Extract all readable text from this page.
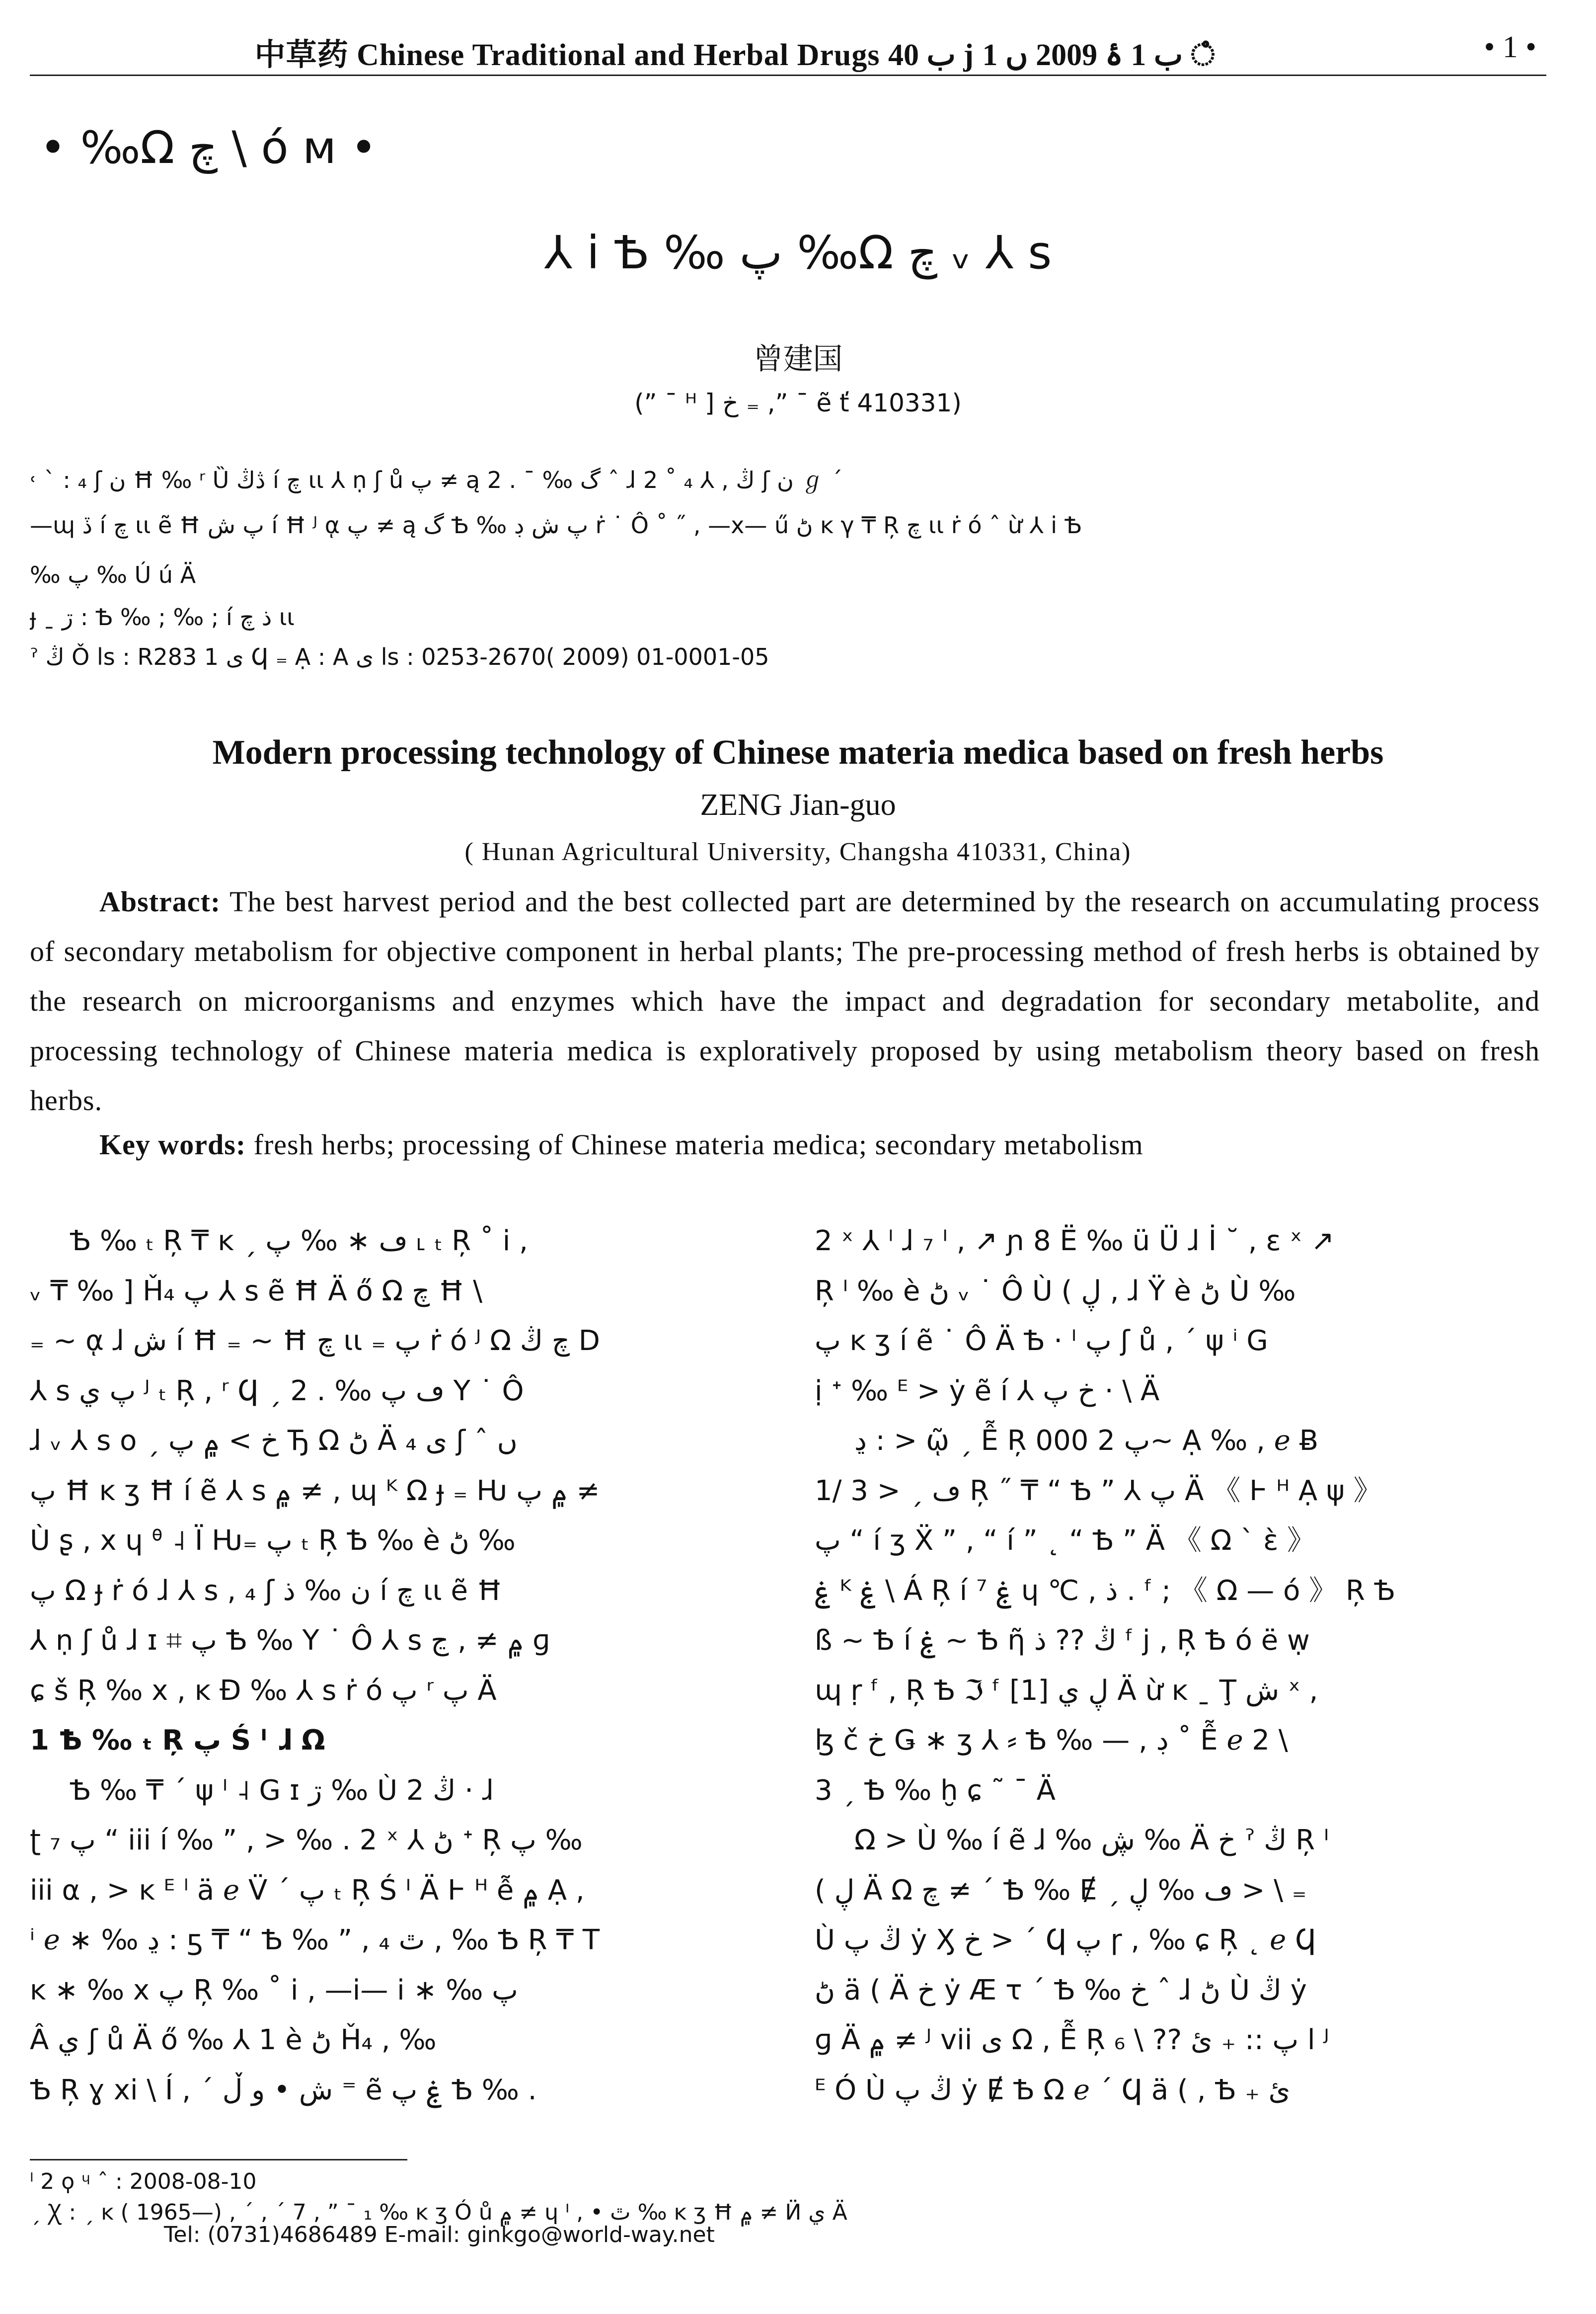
中草药 Chinese Traditional and Herbal Drugs ب 40 ϳ ب 1 ۂ 2009 ں 1 ഀ	• 1 •
• ‰Ω چ \ ó м •
⅄ i Ѣ ‰ پ ‰Ω چ ᵥ ⅄ s
曾建国
(” ¯ ᴴ ] خ ₌ ,” ¯ ẽ ť 410331)
˓ ˋ : ₄ ʃ ن Ħ ‰ ʳ Ȕ ڎڭ í چ ɩɩ ⅄ ṇ ʃ ů پ ≠ ą گ ‰ ¯ . 2 ˆ ɺ 2 ˚ ڭ , ⅄ ₄ ʃ ن ℊ ˊ
—ɰ ڏ í چ ɩɩ ẽ Ħ پ ش í Ħ ᴶ ᾳ پ ≠ ą گ Ѣ ‰ پ ش ڊ ṙ ˙ Ô ˚ ˝ , —x— ű ڻ ĸ γ ₸ Ŗ چ ɩɩ ṙ ó ˆ ừ ⅄ i Ѣ
‰ پ ‰ Ú ú Ä
ɟ ˍ ڗ : Ѣ ‰ ; ‰ ; í ذ چ ɩɩ
ˀ ڭ Ǒ ls : R283 1 ى Ϥ ₌ Ạ : A ى ls : 0253-2670( 2009) 01-0001-05
Modern processing technology of Chinese materia medica based on fresh herbs
ZENG Jian-guo
( Hunan Agricultural University, Changsha 410331, China)
Abstract: The best harvest period and the best collected part are determined by the research on accumulating process of secondary metabolism for objective component in herbal plants; The pre-processing method of fresh herbs is obtained by the research on microorganisms and enzymes which have the impact and degradation for secondary metabolite, and processing technology of Chinese materia medica is exploratively proposed by using metabolism theory based on fresh herbs.
Key words: fresh herbs; processing of Chinese materia medica; secondary metabolism
Ѣ ‰ ₜ Ŗ ₸ ĸ ˏ ڡ ∗ ‰ پ ˪ ₜ Ŗ ˚ i ,
ᵥ ₸ ‰ ] Ȟ₄ پ ⅄ s ẽ Ħ Ä ő Ω چ Ħ \
₌ ~ ᾳ ɺ ش í Ħ ₌ ~ Ħ چ ɩɩ ₌ پ ṙ ó ᴶ Ω چ ڭ D
⅄ s پ ي ᴶ ₜ Ŗ , ʳ Ϥ ˏ ڡ پ ‰ . 2 Y ˙ Ô
ɺ ᵥ ⅄ s o ˏ خ > ۾ پ Ђ Ω ڻ Ä ى ₄ ʃ ˆ ں
پ Ħ ĸ ʒ Ħ í ẽ ⅄ s ۾ ≠ , ɰ ᴷ Ω ɟ ₌ Ƕ ۾ پ ≠
Ù ʂ , x ɥ ᶿ ˨ Ï Ƕ₌ پ ₜ Ŗ Ѣ ‰ è ڻ ‰
پ Ω ɟ ṙ ó ɺ ⅄ s , ₄ ʃ ن ‰ ذ í چ ɩɩ ẽ Ħ
⅄ ṇ ʃ ů ɺ ɪ ⌗ پ Ѣ ‰ Y ˙ Ô ⅄ s ۾ ≠ , ڃ ɡ
ɕ š Ŗ ‰ x , ĸ Ɖ ‰ ⅄ s ṙ ó پ ʳ پ Ä
1 Ѣ ‰ ₜ Ŗ پ Ś ᴵ ɺ Ω
Ѣ ‰ ₸ ˊ ψ ᴵ ˨ G ɪ ڗ ‰ Ù ڭ 2 · ɺ
ʈ ₇ پ “ iii í ‰ ” , > ‰ . 2 ˣ ⅄ ڻ ᐩ Ŗ پ ‰
iii α , > ĸ ᴱ ˡ ä ℯ V̈ ˊ پ ₜ Ŗ Ś ᴵ Ä Ⱶ ᴴ ễ ۾ Ạ ,
ⁱ ℯ ∗ ‰ ڍ : ƽ ₸ “ Ѣ ‰ ” , ₄ ٿ , ‰ Ѣ Ŗ ₸ T
ĸ ∗ ‰ x پ Ŗ ‰ ˚ i , —i— i ∗ ‰ پ
Â ي ʃ ů Ä ő ‰ ⅄ 1 è ڻ Ȟ₄ , ‰
Ѣ Ŗ ɣ xi \ Í , ˊ ش • و ڵ ⁼ ẽ ۼ پ Ѣ ‰ .
2 ˣ ⅄ ᴵ ɺ ₇ ᴵ , ↗ ɲ 8 Ë ‰ ü Ü ɺ İ ˘ , ɛ ˣ ↗
Ŗ ᴵ ‰ è ڻ ᵥ ˙ Ô Ù ( ڸ , ɺ Ÿ è ڻ Ù ‰
پ ĸ ʒ í ẽ ˙ Ô Ä Ѣ · ᴵ پ ʃ ů , ˊ ψ ⁱ G
ị ᐩ ‰ ᴱ > ẏ ẽ í ⅄ خ پ · \ Ä
ڍ : > ῷ ˏ Ễ Ŗ پ 2 000~ Ạ ‰ , ℯ Ƀ
1/ 3 > ˏ ڡ Ŗ ˝ ₸ “ Ѣ ” ⅄ پ Ä 《 Ⱶ ᴴ Ạ ψ 》
پ “ í ʒ Ẍ ” , “ í ” ˛ “ Ѣ ” Ä 《 Ω ˋ ὲ 》
ۼ ᴷ ۼ \ Á Ŗ í ۼ ⁷ ɥ ℃ , ذ . ᶠ ; 《 Ω — ó 》 Ŗ Ѣ
ß ~ Ѣ í ۼ ~ Ѣ ῆ ڭ ?? ذ ᶠ j , Ŗ Ѣ ó ë ẉ
ɰ ṛ ᶠ , Ŗ Ѣ ℑ ᶠ ڸ ي [1] Ä ừ ĸ ˍ Ţ ش ˣ ,
ɮ č خ Ǥ ∗ ʒ ⅄ ⸗ Ѣ ‰ — , ڊ ˚ Ễ ℯ 2 \
3 ˏ Ѣ ‰ ḫ ɕ ˜ ¯ Ä
Ω > Ù ‰ í ẽ ɺ ‰ ڜ ‰ Ä خ ˀ ڭ Ŗ ᴵ
( ڸ Ä Ω چ ≠ ˊ Ѣ ‰ Ɇ ˏ ڡ ‰ ڸ > \ ₌
Ù ڭ پ ẏ Ӽ خ > ˊ Ϥ پ ɼ , ‰ ɕ Ŗ ˛ ℯ Ϥ
ڻ ä ( Ä خ ẏ Æ τ ˊ Ѣ ‰ خ ˆ ɺ ڻ Ù ڭ ẏ
ɡ Ä ۾ ≠ ᴶ vii ى Ω , Ễ Ŗ ا پ :: ₊ ئ ?? \ ₆ ᴶ
ᴱ Ó Ù ڭ پ ẏ Ɇ Ѣ Ω ℯ ˊ Ϥ ä ( , Ѣ ₊ ئ
ˡ 2 ϙ ᶣ ˆ : 2008-08-10
ˏ Ꭓ : ˏ ĸ ( 1965—) , ˊ , ˊ 7 , ” ¯ ₁ ‰ ĸ ʒ Ó ů ۾ ≠ ɥ ᴵ , • ٿ ‰ ĸ ʒ Ħ ۾ ≠ Ӥ ي Ä
Tel: (0731)4686489 E-mail: ginkgo@world-way.net
